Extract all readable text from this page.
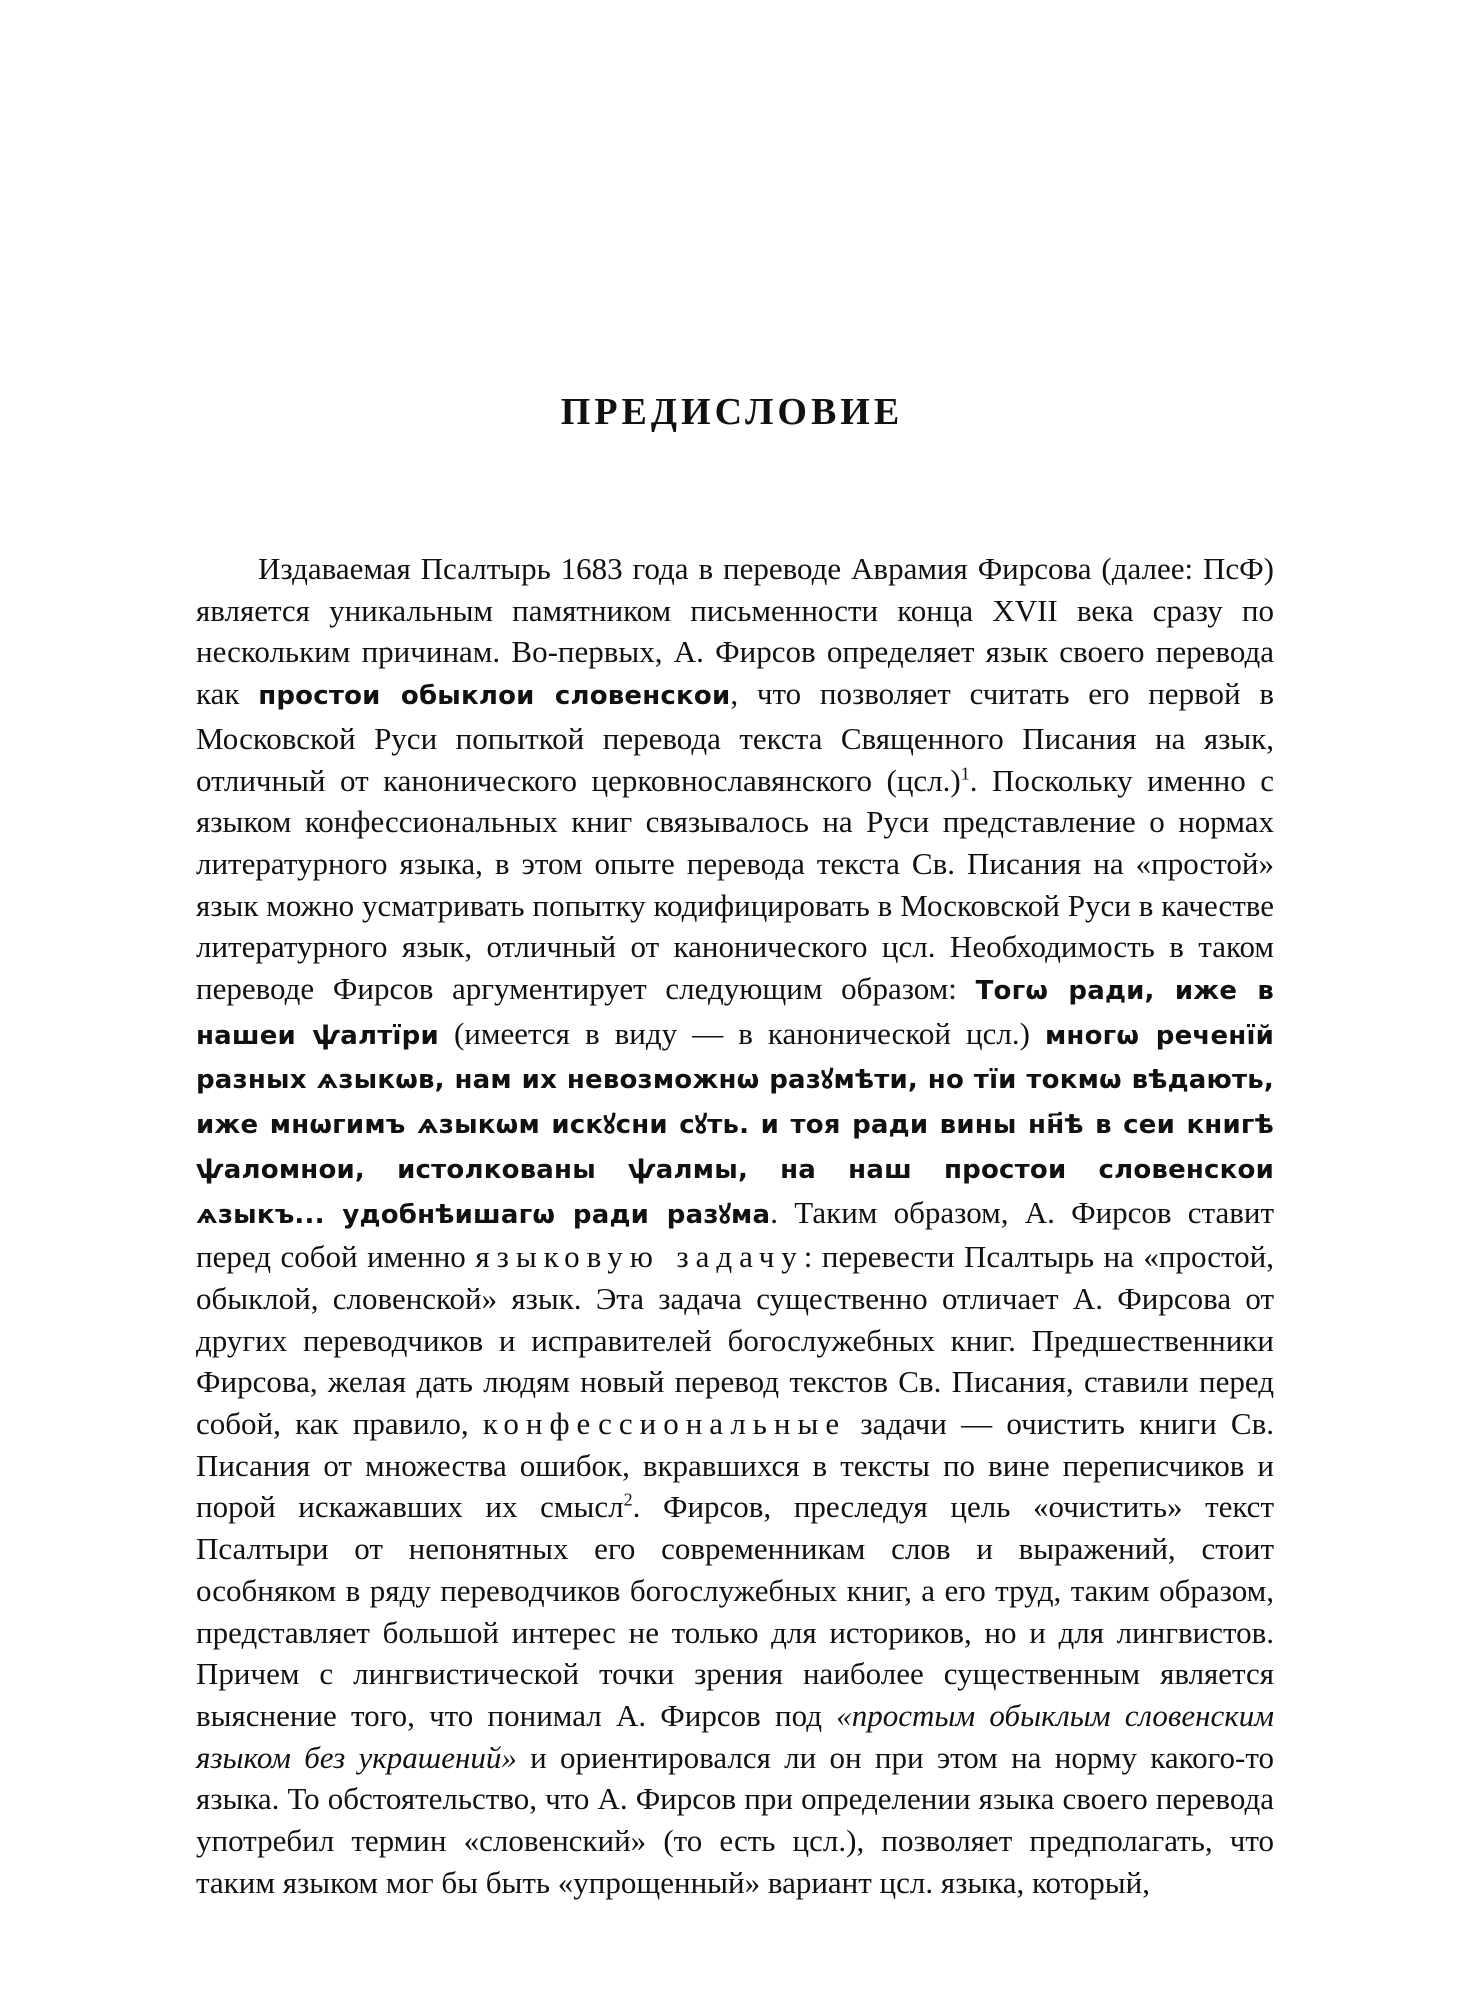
ПРЕДИСЛОВИЕ

Издаваемая Псалтырь 1683 года в переводе Аврамия Фирсова (далее: ПсФ) является уникальным памятником письменности конца XVII века сразу по нескольким причинам. Во-первых, А. Фирсов определяет язык своего перевода как простои обыклои словенскои, что позволяет считать его первой в Московской Руси попыткой перевода текста Священного Писания на язык, отличный от канонического церковнославянского $(цсл.)^1$. Поскольку именно с языком конфессиональных книг связывалось на Руси представление о нормах литературного языка, в этом опыте перевода текста Св. Писания на «простой» язык можно усматривать попытку кодифицировать в Московской Руси в качестве литературного язык, отличный от канонического цсл. Необходимость в таком переводе Фирсов аргументирует следующим образом: Тогѡ ради, иже в нашеи ѱалтїри (имеется в виду — в канонической цсл.) многѡ реченїй разных ѧзыкѡв, нам их невозможнѡ разꙋмѣти, но тїи токмѡ вѣдають, иже мнѡгимъ ѧзыкѡм искꙋсни сꙋть. и тоя ради вины нн҃ѣ в сеи книгѣ ѱаломнои, истолкованы ѱалмы, на наш простои словенскои ѧзыкъ... удобнѣишагѡ ради разꙋма. Таким образом, А. Фирсов ставит перед собой именно языковую задачу: перевести Псалтырь на «простой, обыклой, словенской» язык. Эта задача существенно отличает А. Фирсова от других переводчиков и исправителей богослужебных книг. Предшественники Фирсова, желая дать людям новый перевод текстов Св. Писания, ставили перед собой, как правило, конфессиональные задачи — очистить книги Св. Писания от множества ошибок, вкравшихся в тексты по вине переписчиков и порой искажавших их смысл$^2$. Фирсов, преследуя цель «очистить» текст Псалтыри от непонятных его современникам слов и выражений, стоит особняком в ряду переводчиков богослужебных книг, а его труд, таким образом, представляет большой интерес не только для историков, но и для лингвистов. Причем с лингвистической точки зрения наиболее существенным является выяснение того, что понимал А. Фирсов под «простым обыклым словенским языком без украшений» и ориентировался ли он при этом на норму какого-то языка. То обстоятельство, что А. Фирсов при определении языка своего перевода употребил термин «словенский» (то есть цсл.), позволяет предполагать, что таким языком мог бы быть «упрощенный» вариант цсл. языка, который,
